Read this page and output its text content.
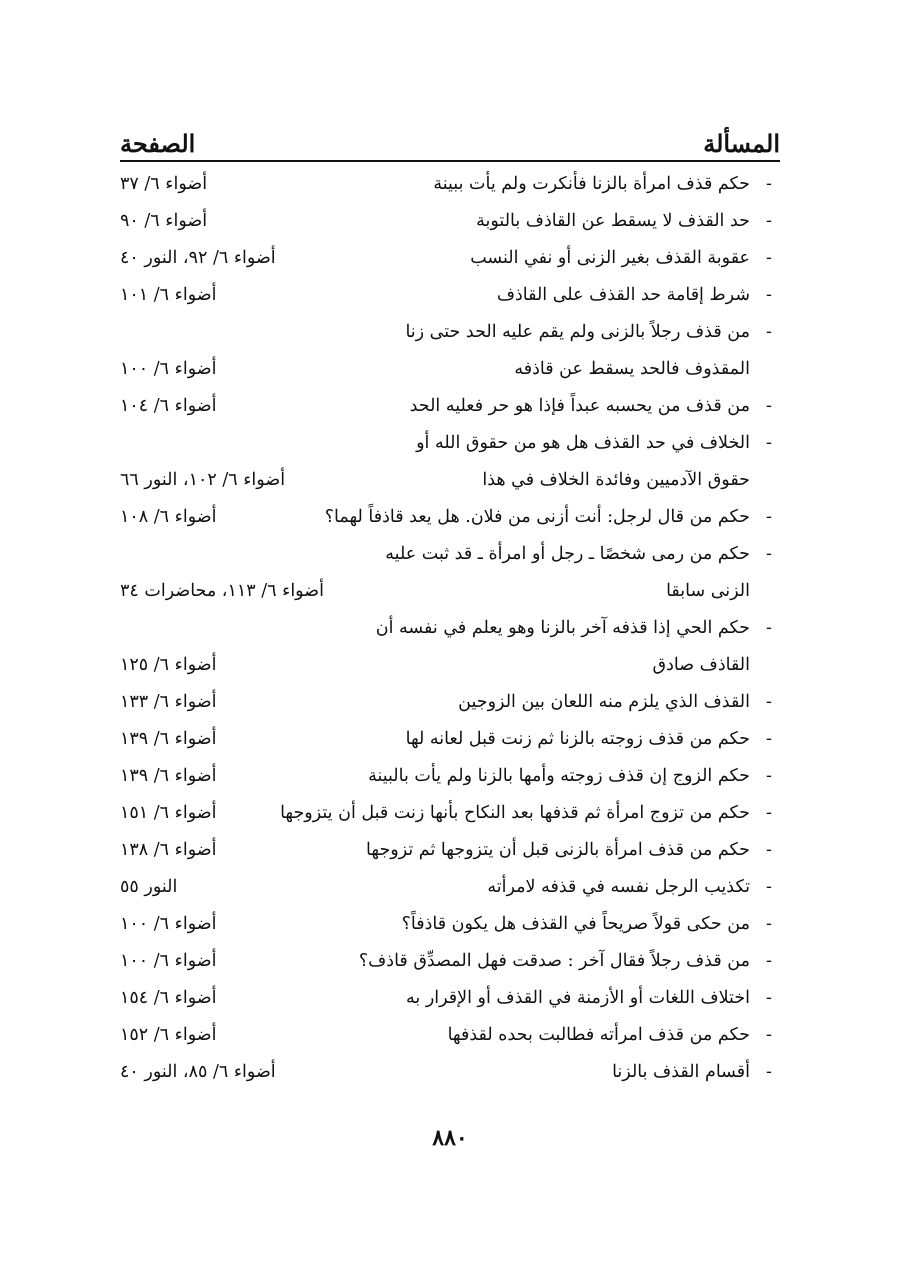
المسألة
الصفحة
-
حكم قذف امرأة بالزنا فأنكرت ولم يأت ببينة
أضواء ٦/ ٣٧
-
حد القذف لا يسقط عن القاذف بالتوبة
أضواء ٦/ ٩٠
-
عقوبة القذف بغير الزنى أو نفي النسب
أضواء ٦/ ٩٢، النور ٤٠
-
شرط إقامة حد القذف على القاذف
أضواء ٦/ ١٠١
-
من قذف رجلاً بالزنى ولم يقم عليه الحد حتى زنا
المقذوف فالحد يسقط عن قاذفه
أضواء ٦/ ١٠٠
-
من قذف من يحسبه عبداً فإذا هو حر فعليه الحد
أضواء ٦/ ١٠٤
-
الخلاف في حد القذف هل هو من حقوق الله أو
حقوق الآدميين وفائدة الخلاف في هذا
أضواء ٦/ ١٠٢، النور ٦٦
-
حكم من قال لرجل: أنت أزنى من فلان. هل يعد قاذفاً لهما؟
أضواء ٦/ ١٠٨
-
حكم من رمى شخصًا ـ رجل أو امرأة ـ قد ثبت عليه
الزنى سابقا
أضواء ٦/ ١١٣، محاضرات ٣٤
-
حكم الحي إذا قذفه آخر بالزنا وهو يعلم في نفسه أن
القاذف صادق
أضواء ٦/ ١٢٥
-
القذف الذي يلزم منه اللعان بين الزوجين
أضواء ٦/ ١٣٣
-
حكم من قذف زوجته بالزنا ثم زنت قبل لعانه لها
أضواء ٦/ ١٣٩
-
حكم الزوج إن قذف زوجته وأمها بالزنا ولم يأت بالبينة
أضواء ٦/ ١٣٩
-
حكم من تزوج امرأة ثم قذفها بعد النكاح بأنها زنت قبل أن يتزوجها
أضواء ٦/ ١٥١
-
حكم من قذف امرأة بالزنى قبل أن يتزوجها ثم تزوجها
أضواء ٦/ ١٣٨
-
تكذيب الرجل نفسه في قذفه لامرأته
النور ٥٥
-
من حكى قولاً صريحاً في القذف هل يكون قاذفاً؟
أضواء ٦/ ١٠٠
-
من قذف رجلاً فقال آخر : صدقت فهل المصدِّق قاذف؟
أضواء ٦/ ١٠٠
-
اختلاف اللغات أو الأزمنة في القذف أو الإقرار به
أضواء ٦/ ١٥٤
-
حكم من قذف امرأته فطالبت بحده لقذفها
أضواء ٦/ ١٥٢
-
أقسام القذف بالزنا
أضواء ٦/ ٨٥، النور ٤٠
٨٨٠
